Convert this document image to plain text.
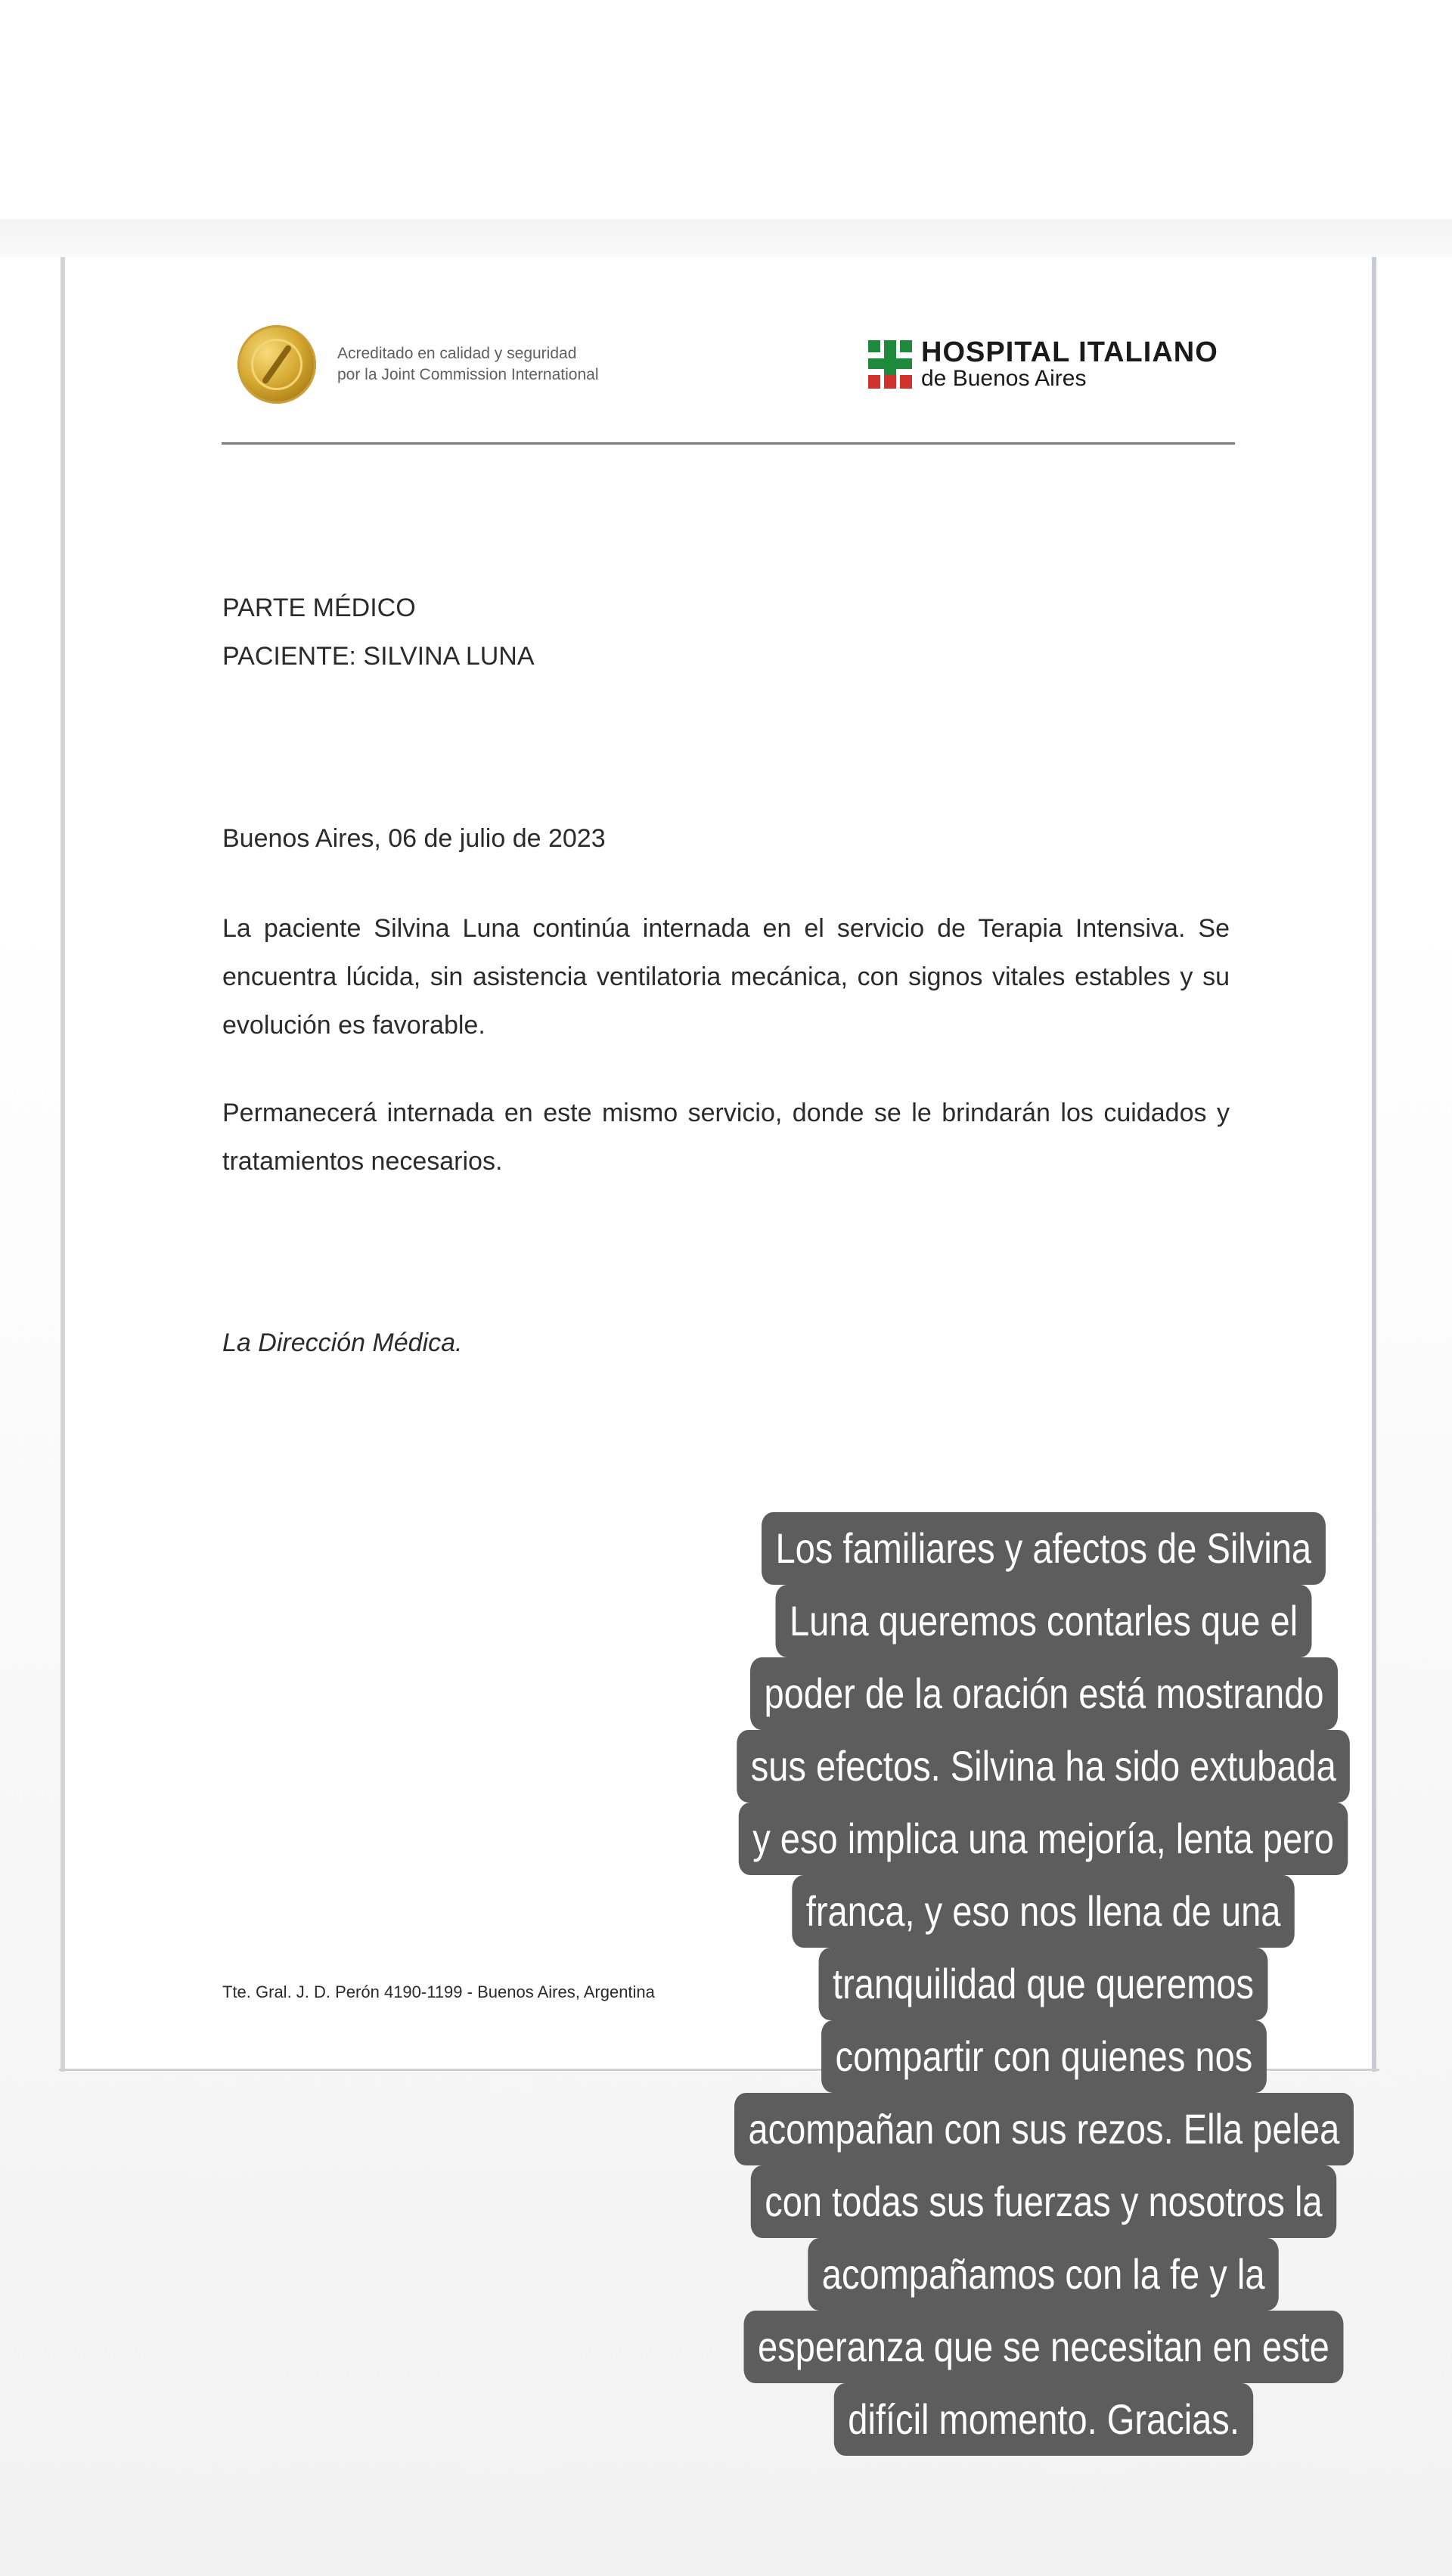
Acreditado en calidad y seguridad
por la Joint Commission International
HOSPITAL ITALIANO
de Buenos Aires
PARTE MÉDICO
PACIENTE: SILVINA LUNA
Buenos Aires, 06 de julio de 2023
La paciente Silvina Luna continúa internada en el servicio de Terapia Intensiva. Se encuentra lúcida, sin asistencia ventilatoria mecánica, con signos vitales estables y su evolución es favorable.
Permanecerá internada en este mismo servicio, donde se le brindarán los cuidados y tratamientos necesarios.
La Dirección Médica.
Tte. Gral. J. D. Perón 4190-1199 - Buenos Aires, Argentina
Los familiares y afectos de Silvina
Luna queremos contarles que el
poder de la oración está mostrando
sus efectos. Silvina ha sido extubada
y eso implica una mejoría, lenta pero
franca, y eso nos llena de una
tranquilidad que queremos
compartir con quienes nos
acompañan con sus rezos. Ella pelea
con todas sus fuerzas y nosotros la
acompañamos con la fe y la
esperanza que se necesitan en este
difícil momento. Gracias.
